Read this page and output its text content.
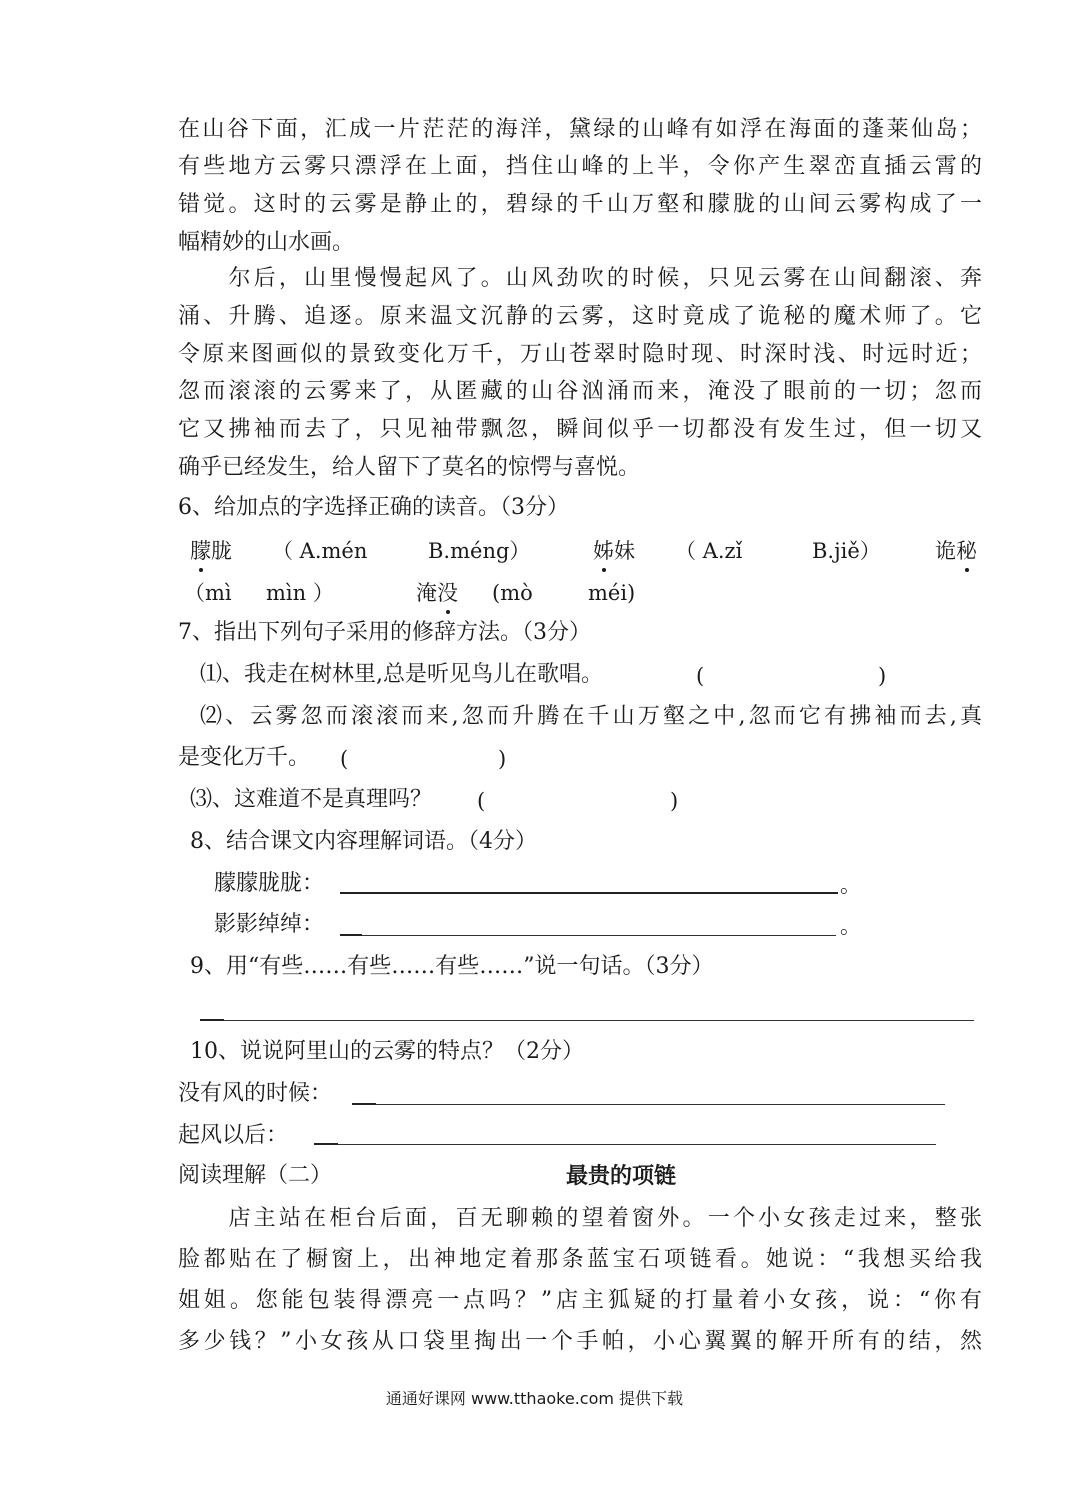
在山谷下面，汇成一片茫茫的海洋，黛绿的山峰有如浮在海面的蓬莱仙岛；
有些地方云雾只漂浮在上面，挡住山峰的上半，令你产生翠峦直插云霄的
错觉。这时的云雾是静止的，碧绿的千山万壑和朦胧的山间云雾构成了一
幅精妙的山水画。
　　尔后，山里慢慢起风了。山风劲吹的时候，只见云雾在山间翻滚、奔
涌、升腾、追逐。原来温文沉静的云雾，这时竟成了诡秘的魔术师了。它
令原来图画似的景致变化万千，万山苍翠时隐时现、时深时浅、时远时近；
忽而滚滚的云雾来了，从匿藏的山谷汹涌而来，淹没了眼前的一切；忽而
它又拂袖而去了，只见袖带飘忽，瞬间似乎一切都没有发生过，但一切又
确乎已经发生，给人留下了莫名的惊愕与喜悦。
6、给加点的字选择正确的读音。（3分）
朦胧 （ A.mén	B.méng）	姊妹 （ A.zǐ	B.jiě）	诡秘
（mì mìn ）	淹没 (mò	méi)
7、指出下列句子采用的修辞方法。（3分）
⑴、我走在树林里,总是听见鸟儿在歌唱。	(	)
⑵、云雾忽而滚滚而来,忽而升腾在千山万壑之中,忽而它有拂袖而去,真
是变化万千。 (	)
⑶、这难道不是真理吗？ (	)
8、结合课文内容理解词语。（4分）
朦朦胧胧：	。
影影绰绰：	。
9、用“有些……有些……有些……”说一句话。（3分）
10、说说阿里山的云雾的特点？（2分）
没有风的时候：
起风以后：
阅读理解（二）	最贵的项链
　　店主站在柜台后面，百无聊赖的望着窗外。一个小女孩走过来，整张
脸都贴在了橱窗上，出神地定着那条蓝宝石项链看。她说：“我想买给我
姐姐。您能包装得漂亮一点吗？”店主狐疑的打量着小女孩，说：“你有
多少钱？”小女孩从口袋里掏出一个手帕，小心翼翼的解开所有的结，然
通通好课网 www.tthaoke.com 提供下载
